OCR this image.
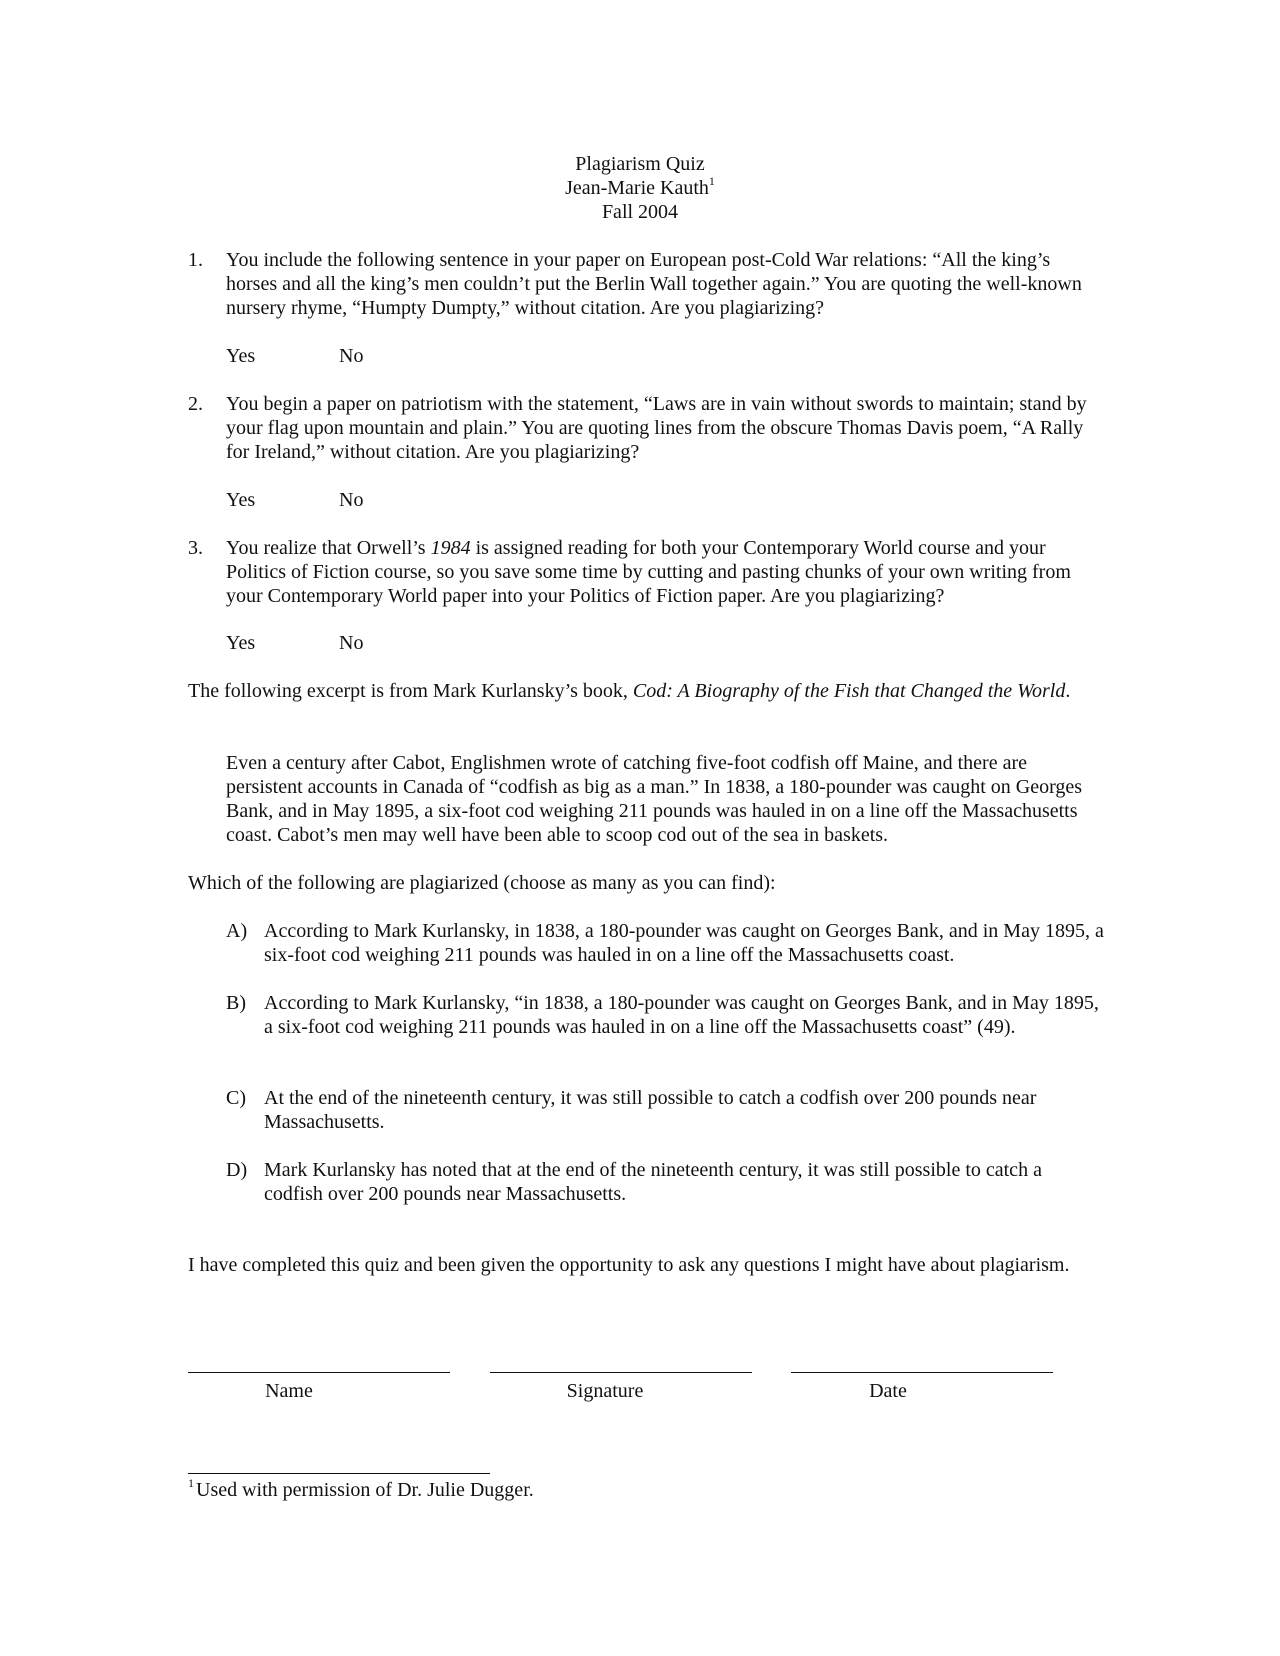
Plagiarism Quiz
Jean-Marie Kauth$^1$
Fall 2004
1. You include the following sentence in your paper on European post-Cold War relations: “All the king’s horses and all the king’s men couldn’t put the Berlin Wall together again.” You are quoting the well-known nursery rhyme, “Humpty Dumpty,” without citation. Are you plagiarizing?
Yes	No
2. You begin a paper on patriotism with the statement, “Laws are in vain without swords to maintain; stand by your flag upon mountain and plain.” You are quoting lines from the obscure Thomas Davis poem, “A Rally for Ireland,” without citation. Are you plagiarizing?
Yes	No
3. You realize that Orwell’s 1984 is assigned reading for both your Contemporary World course and your Politics of Fiction course, so you save some time by cutting and pasting chunks of your own writing from your Contemporary World paper into your Politics of Fiction paper. Are you plagiarizing?
Yes	No
The following excerpt is from Mark Kurlansky’s book, Cod: A Biography of the Fish that Changed the World.
Even a century after Cabot, Englishmen wrote of catching five-foot codfish off Maine, and there are persistent accounts in Canada of “codfish as big as a man.” In 1838, a 180-pounder was caught on Georges Bank, and in May 1895, a six-foot cod weighing 211 pounds was hauled in on a line off the Massachusetts coast. Cabot’s men may well have been able to scoop cod out of the sea in baskets.
Which of the following are plagiarized (choose as many as you can find):
A) According to Mark Kurlansky, in 1838, a 180-pounder was caught on Georges Bank, and in May 1895, a six-foot cod weighing 211 pounds was hauled in on a line off the Massachusetts coast.
B) According to Mark Kurlansky, “in 1838, a 180-pounder was caught on Georges Bank, and in May 1895, a six-foot cod weighing 211 pounds was hauled in on a line off the Massachusetts coast” (49).
C) At the end of the nineteenth century, it was still possible to catch a codfish over 200 pounds near Massachusetts.
D) Mark Kurlansky has noted that at the end of the nineteenth century, it was still possible to catch a codfish over 200 pounds near Massachusetts.
I have completed this quiz and been given the opportunity to ask any questions I might have about plagiarism.
Name	Signature	Date
$^1$ Used with permission of Dr. Julie Dugger.
